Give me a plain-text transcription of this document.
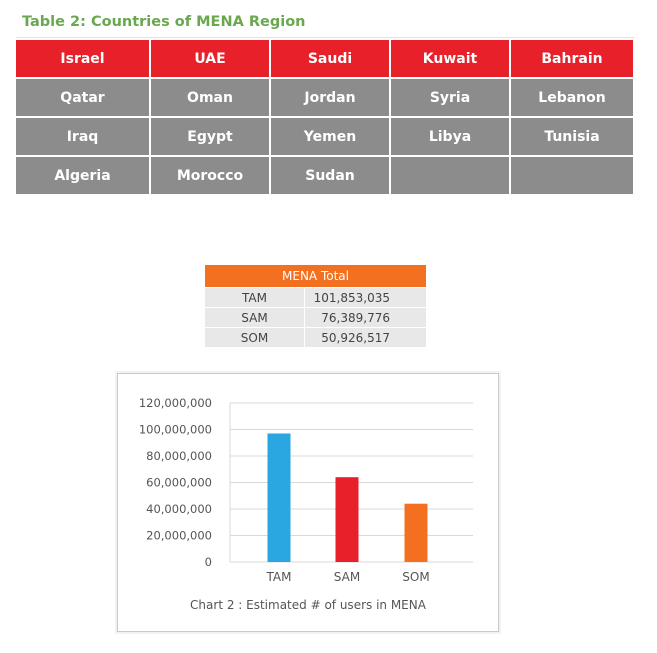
Table 2: Countries of MENA Region
Israel	UAE	Saudi	Kuwait	Bahrain
Qatar	Oman	Jordan	Syria	Lebanon
Iraq	Egypt	Yemen	Libya	Tunisia
Algeria	Morocco	Sudan
MENA Total
TAM	101,853,035
SAM	76,389,776
SOM	50,926,517
0
20,000,000
40,000,000
60,000,000
80,000,000
100,000,000
120,000,000
TAM	SAM	SOM
Chart 2 : Estimated # of users in MENA
